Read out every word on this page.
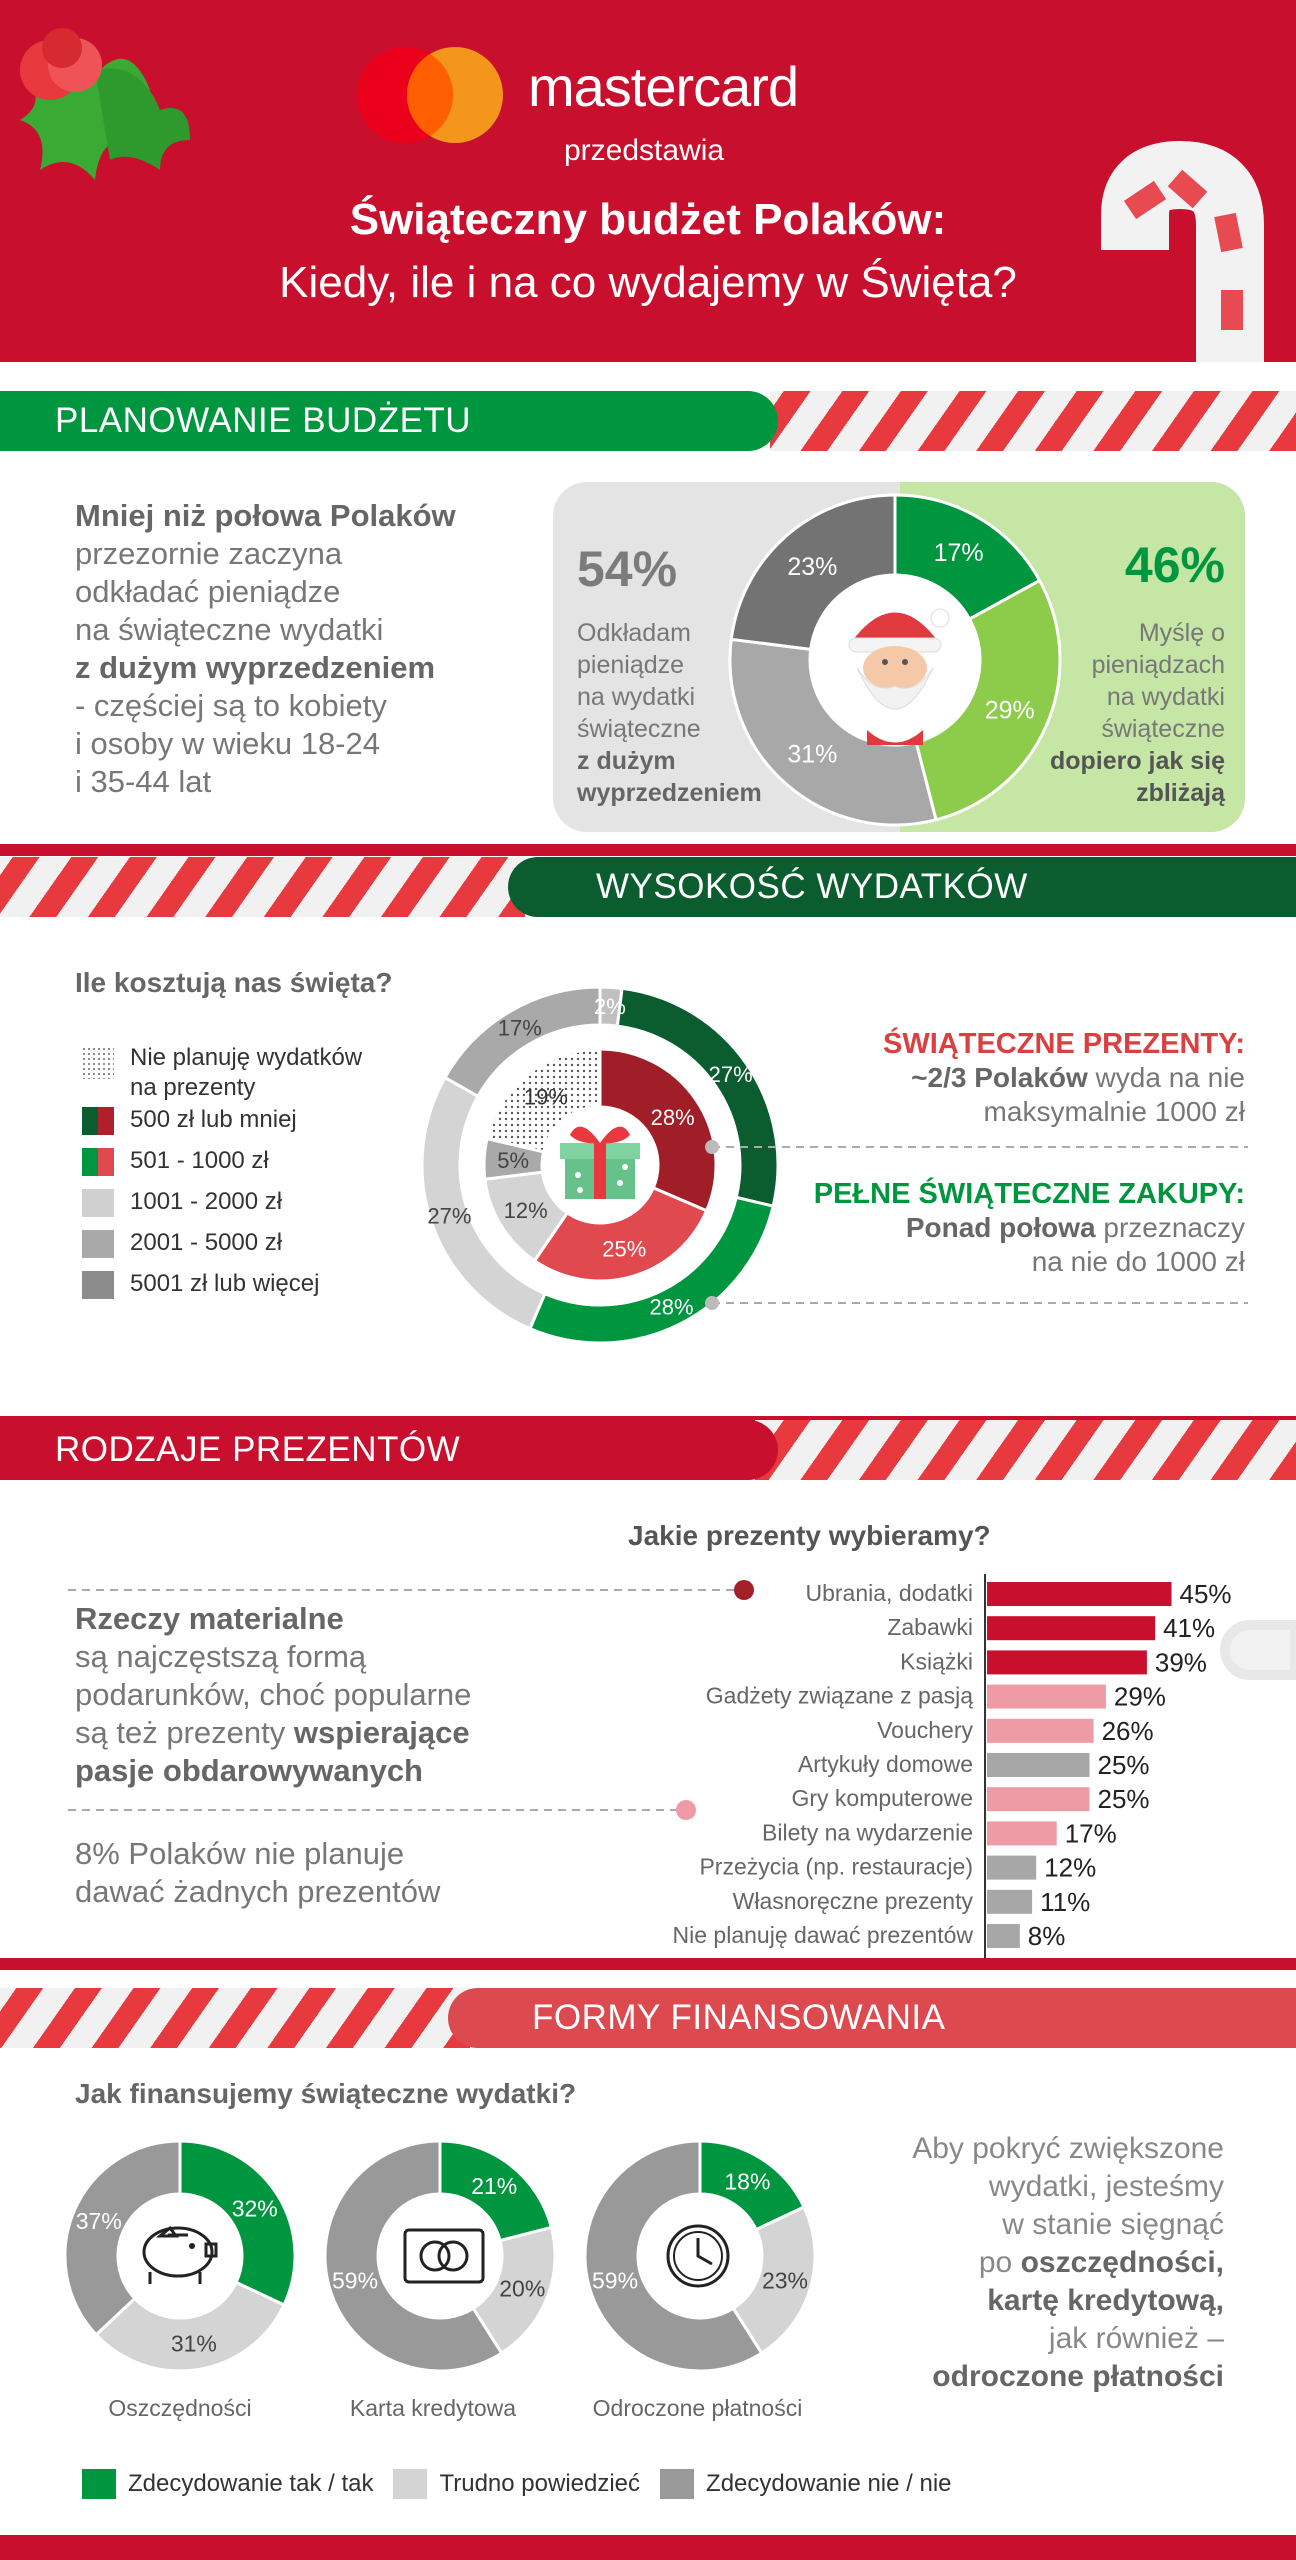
mastercard
przedstawia
Świąteczny budżet Polaków:
Kiedy, ile i na co wydajemy w Święta?
PLANOWANIE BUDŻETU
Mniej niż połowa Polaków
przezornie zaczyna
odkładać pieniądze
na świąteczne wydatki
z dużym wyprzedzeniem
- częściej są to kobiety
i osoby w wieku 18-24
i 35-44 lat
54%
Odkładam
pieniądze
na wydatki
świąteczne
z dużym
wyprzedzeniem
46%
Myślę o
pieniądzach
na wydatki
świąteczne
dopiero jak się
zbliżają
17%
29%
31%
23%
WYSOKOŚĆ WYDATKÓW
Ile kosztują nas święta?
Nie planuję wydatków
na prezenty
500 zł lub mniej
501 - 1000 zł
1001 - 2000 zł
2001 - 5000 zł
5001 zł lub więcej
2%
27%
28%
27%
17%
28%
25%
12%
5%
19%
ŚWIĄTECZNE PREZENTY:
~2/3 Polaków wyda na nie
maksymalnie 1000 zł
PEŁNE ŚWIĄTECZNE ZAKUPY:
Ponad połowa przeznaczy
na nie do 1000 zł
RODZAJE PREZENTÓW
Jakie prezenty wybieramy?
Rzeczy materialne
są najczęstszą formą
podarunków, choć popularne
są też prezenty wspierające
pasje obdarowywanych
8% Polaków nie planuje
dawać żadnych prezentów
Ubrania, dodatki	45%
Zabawki	41%
Książki	39%
Gadżety związane z pasją	29%
Vouchery	26%
Artykuły domowe	25%
Gry komputerowe	25%
Bilety na wydarzenie	17%
Przeżycia (np. restauracje)	12%
Własnoręczne prezenty	11%
Nie planuję dawać prezentów 8%
FORMY FINANSOWANIA
Jak finansujemy świąteczne wydatki?
32%
31%
37%
21%
20%
59%
18%
23%
59%
Oszczędności	Karta kredytowa	Odroczone płatności
Aby pokryć zwiększone
wydatki, jesteśmy
w stanie sięgnąć
po oszczędności,
kartę kredytową,
jak również –
odroczone płatności
Zdecydowanie tak / tak	Trudno powiedzieć	Zdecydowanie nie / nie
